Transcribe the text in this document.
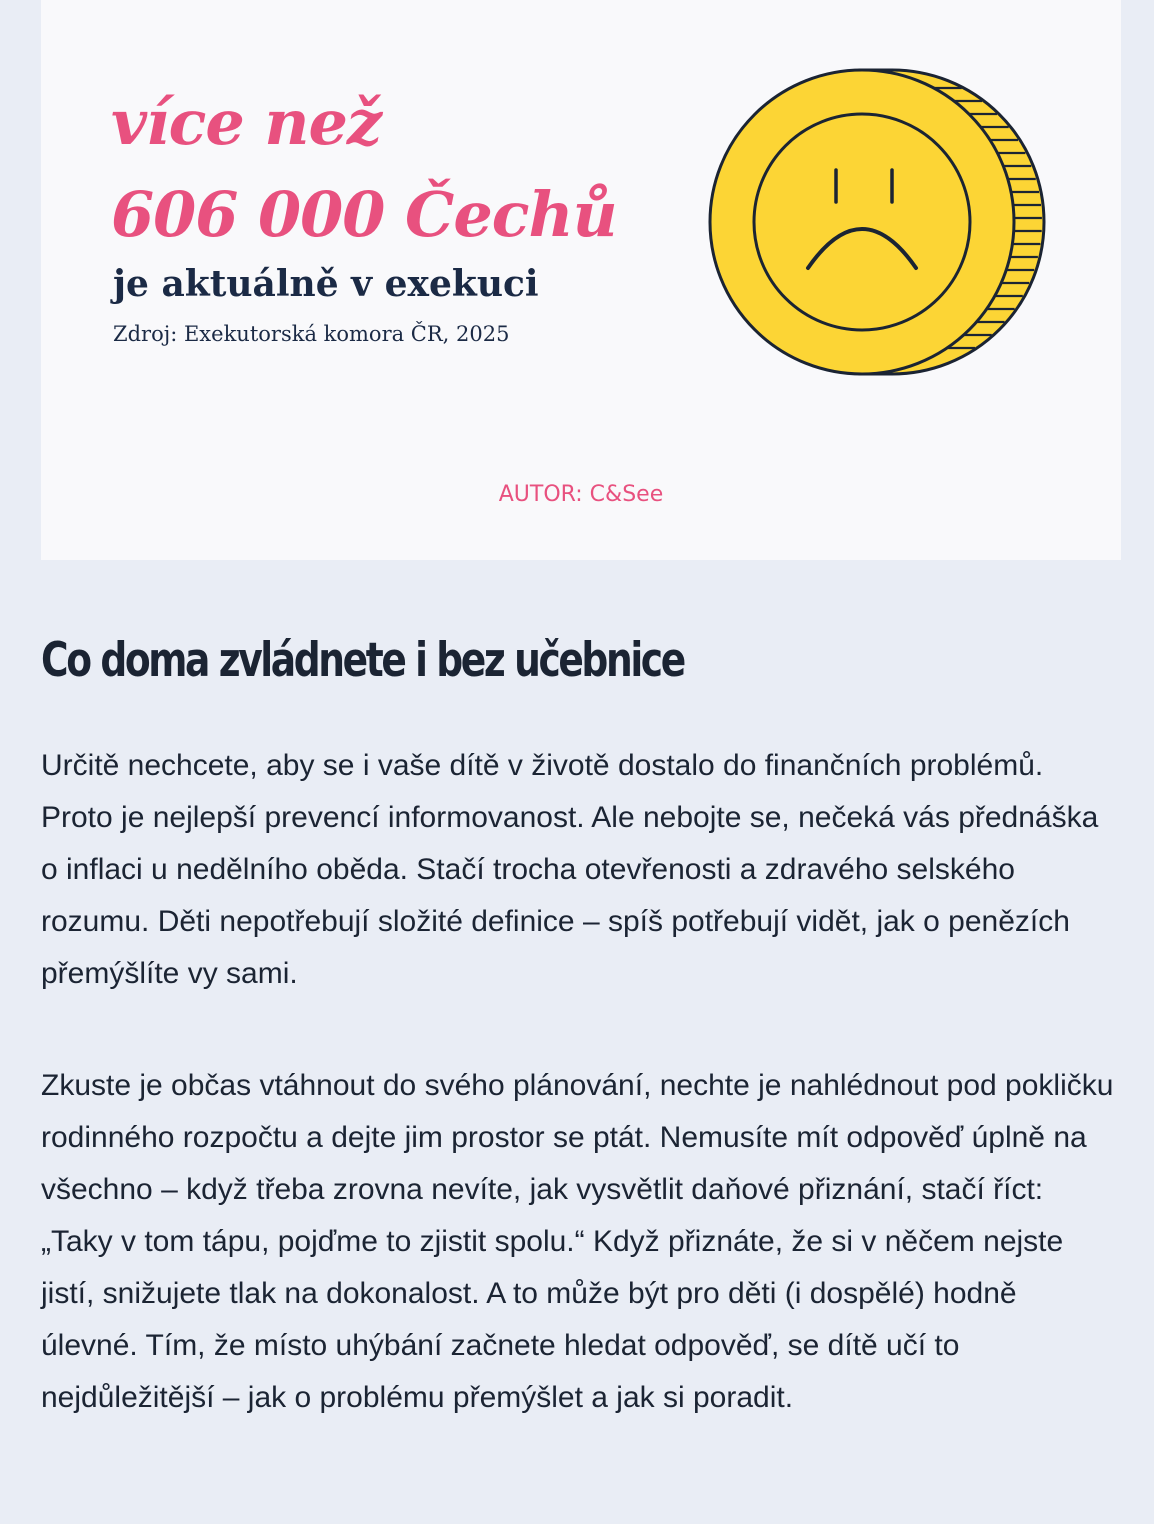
více než

606 000 Čechů

je aktuálně v exekuci

Zdroj: Exekutorská komora ČR, 2025

AUTOR: C&See
Co doma zvládnete i bez učebnice

Určitě nechcete, aby se i vaše dítě v životě dostalo do finančních problémů. Proto je nejlepší prevencí informovanost. Ale nebojte se, nečeká vás přednáška o inflaci u nedělního oběda. Stačí trocha otevřenosti a zdravého selského rozumu. Děti nepotřebují složité definice – spíš potřebují vidět, jak o penězích přemýšlíte vy sami.

Zkuste je občas vtáhnout do svého plánování, nechte je nahlédnout pod pokličku rodinného rozpočtu a dejte jim prostor se ptát. Nemusíte mít odpověď úplně na všechno – když třeba zrovna nevíte, jak vysvětlit daňové přiznání, stačí říct: „Taky v tom tápu, pojďme to zjistit spolu.“ Když přiznáte, že si v něčem nejste jistí, snižujete tlak na dokonalost. A to může být pro děti (i dospělé) hodně úlevné. Tím, že místo uhýbání začnete hledat odpověď, se dítě učí to nejdůležitější – jak o problému přemýšlet a jak si poradit.
